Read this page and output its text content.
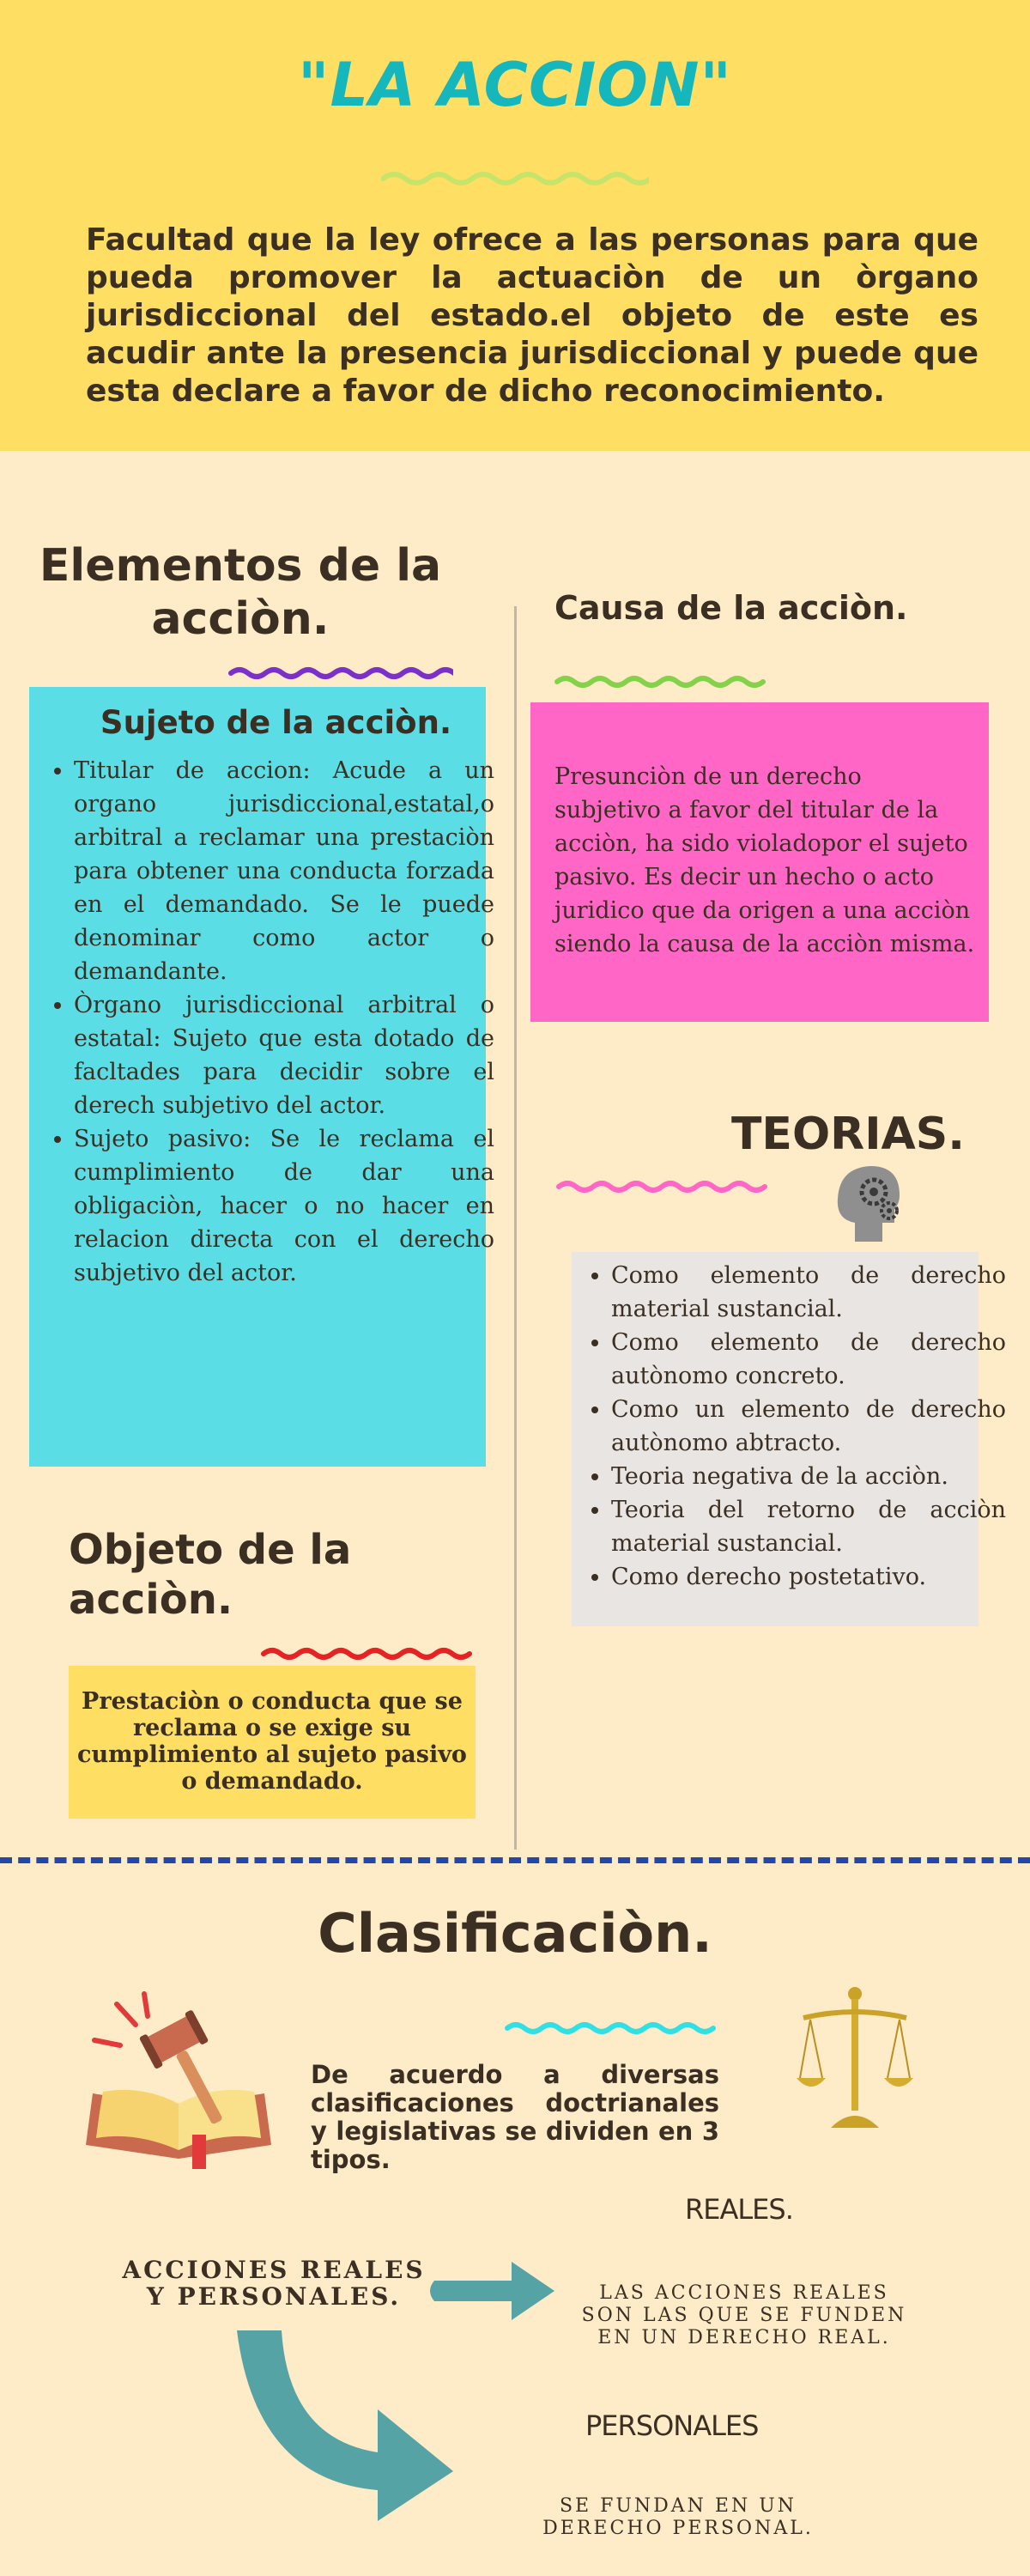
"LA ACCION"
Facultad que la ley ofrece a las personas para que pueda promover la actuaciòn de un òrgano jurisdiccional del estado.el objeto de este es acudir ante la presencia jurisdiccional y puede que esta declare a favor de dicho reconocimiento.
Elementos de la acciòn.
Sujeto de la acciòn.
• Titular de accion: Acude a un organo jurisdiccional,estatal,o arbitral a reclamar una prestaciòn para obtener una conducta forzada en el demandado. Se le puede denominar como actor o demandante.
• Òrgano jurisdiccional arbitral o estatal: Sujeto que esta dotado de facltades para decidir sobre el derech subjetivo del actor.
• Sujeto pasivo: Se le reclama el cumplimiento de dar una obligaciòn, hacer o no hacer en relacion directa con el derecho subjetivo del actor.
Causa de la acciòn.
Presunciòn de un derecho subjetivo a favor del titular de la acciòn, ha sido violadopor el sujeto pasivo. Es decir un hecho o acto juridico que da origen a una acciòn siendo la causa de la acciòn misma.
TEORIAS.
• Como elemento de derecho material sustancial.
• Como elemento de derecho autònomo concreto.
• Como un elemento de derecho autònomo abtracto.
• Teoria negativa de la acciòn.
• Teoria del retorno de acciòn material sustancial.
• Como derecho postetativo.
Objeto de la acciòn.
Prestaciòn o conducta que se reclama o se exige su cumplimiento al sujeto pasivo o demandado.
Clasificaciòn.
De acuerdo a diversas clasificaciones doctrianales y legislativas se dividen en 3 tipos.
REALES.
ACCIONES REALES Y PERSONALES.	LAS ACCIONES REALES SON LAS QUE SE FUNDEN EN UN DERECHO REAL.
PERSONALES
SE FUNDAN EN UN DERECHO PERSONAL.
